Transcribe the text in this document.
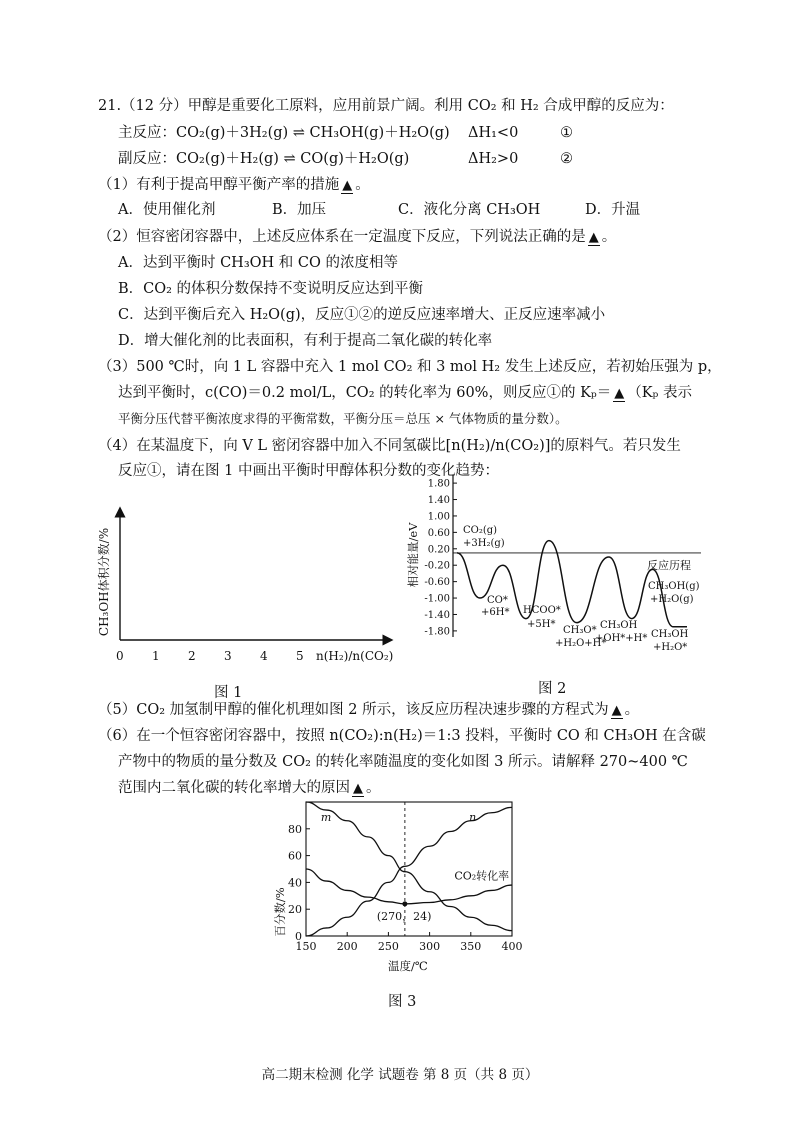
21.（12 分）甲醇是重要化工原料，应用前景广阔。利用 CO₂ 和 H₂ 合成甲醇的反应为：
主反应： CO₂(g)＋3H₂(g) ⇌ CH₃OH(g)＋H₂O(g) ΔH₁<0	①
副反应： CO₂(g)＋H₂(g) ⇌ CO(g)＋H₂O(g)	ΔH₂>0	②
（1）有利于提高甲醇平衡产率的措施 ▲ 。
A．使用催化剂	B．加压	C．液化分离 CH₃OH	D．升温
（2）恒容密闭容器中，上述反应体系在一定温度下反应，下列说法正确的是 ▲ 。
A．达到平衡时 CH₃OH 和 CO 的浓度相等
B．CO₂ 的体积分数保持不变说明反应达到平衡
C．达到平衡后充入 H₂O(g)，反应①②的逆反应速率增大、正反应速率减小
D．增大催化剂的比表面积，有利于提高二氧化碳的转化率
（3）500 ℃时，向 1 L 容器中充入 1 mol CO₂ 和 3 mol H₂ 发生上述反应，若初始压强为 p，
达到平衡时，c(CO)＝0.2 mol/L，CO₂ 的转化率为 60%，则反应①的 Kₚ＝ ▲ （Kₚ 表示
平衡分压代替平衡浓度求得的平衡常数，平衡分压＝总压 × 气体物质的量分数）。
（4）在某温度下，向 V L 密闭容器中加入不同氢碳比[n(H₂)/n(CO₂)]的原料气。若只发生
反应①，请在图 1 中画出平衡时甲醇体积分数的变化趋势：
CH₃OH体积分数/%
0 1 2 3 4 5 n(H₂)/n(CO₂)
图 1
1.80
1.40
1.00
0.60
0.20
-0.20
-0.60
-1.00
-1.40
-1.80
相对能量/eV	反应历程
CO₂(g)
+3H₂(g)
CO*
+6H* HCOO*
+5H*
CH₃O*
+H₂O+H*
CH₃OH
+OH*+H*
CH₃OH(g)
+H₂O(g)
CH₃OH
+H₂O*
图 2
（5）CO₂ 加氢制甲醇的催化机理如图 2 所示，该反应历程决速步骤的方程式为 ▲ 。
（6）在一个恒容密闭容器中，按照 n(CO₂):n(H₂)＝1:3 投料，平衡时 CO 和 CH₃OH 在含碳
产物中的物质的量分数及 CO₂ 的转化率随温度的变化如图 3 所示。请解释 270~400 ℃
范围内二氧化碳的转化率增大的原因 ▲ 。
150 200 250 300 350 400
0
20
40
60
80
m	n
CO₂转化率
(270，24)
百分数/%
温度/℃
图 3
高二期末检测 化学 试题卷 第 8 页（共 8 页）
